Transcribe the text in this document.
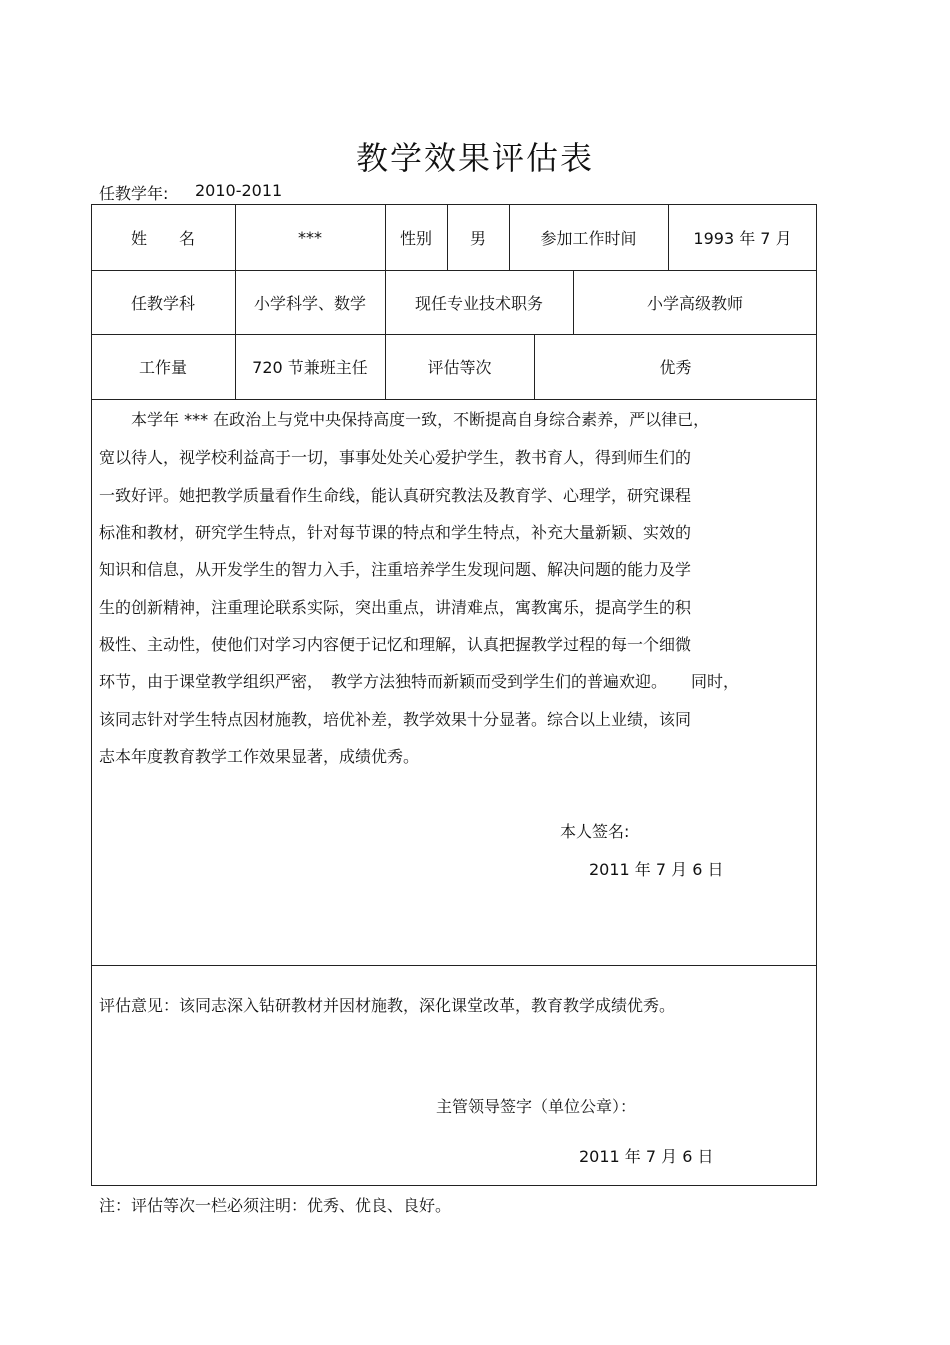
教学效果评估表
任教学年: 2010-2011
姓　　名	***	性别	男	参加工作时间	1993 年 7 月
任教学科	小学科学、数学	现任专业技术职务	小学高级教师
工作量	720 节兼班主任	评估等次	优秀
　　本学年 *** 在政治上与党中央保持高度一致，不断提高自身综合素养，严以律已，
宽以待人，视学校利益高于一切，事事处处关心爱护学生，教书育人，得到师生们的
一致好评。她把教学质量看作生命线，能认真研究教法及教育学、心理学，研究课程
标准和教材，研究学生特点，针对每节课的特点和学生特点，补充大量新颖、实效的
知识和信息，从开发学生的智力入手，注重培养学生发现问题、解决问题的能力及学
生的创新精神，注重理论联系实际，突出重点，讲清难点，寓教寓乐，提高学生的积
极性、主动性，使他们对学习内容便于记忆和理解，认真把握教学过程的每一个细微
环节，由于课堂教学组织严密，　教学方法独特而新颖而受到学生们的普遍欢迎。　　同时，
该同志针对学生特点因材施教，培优补差，教学效果十分显著。综合以上业绩，该同
志本年度教育教学工作效果显著，成绩优秀。
本人签名:
2011 年 7 月 6 日
评估意见：该同志深入钻研教材并因材施教，深化课堂改革，教育教学成绩优秀。
主管领导签字（单位公章）：
2011 年 7 月 6 日
注：评估等次一栏必须注明：优秀、优良、良好。
